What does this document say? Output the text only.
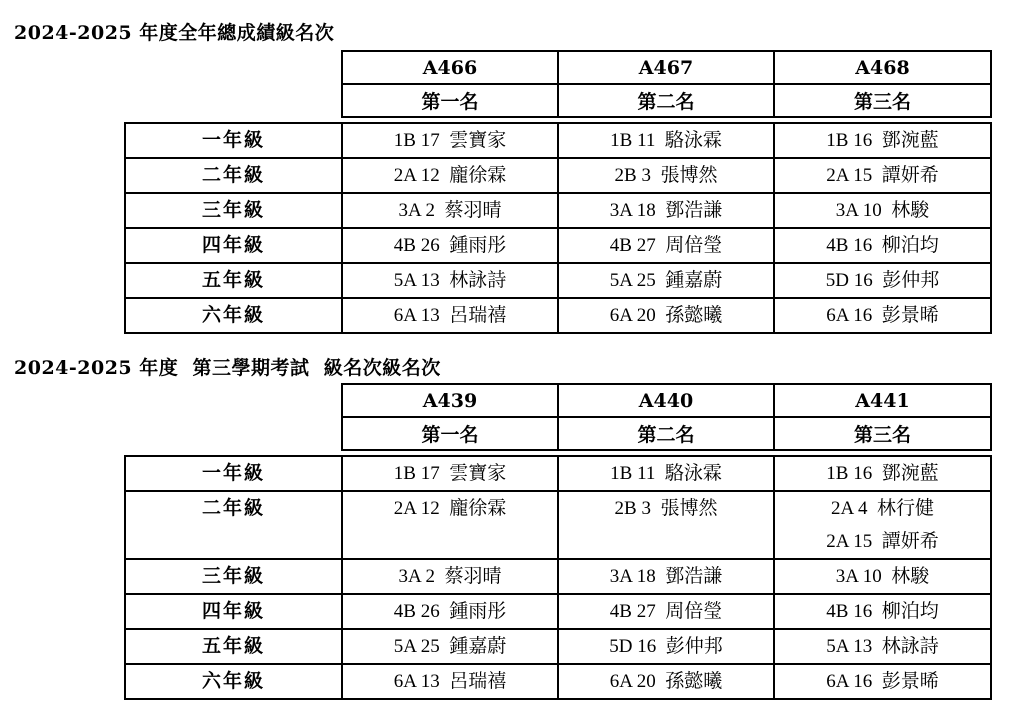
2024-2025 年度全年總成績級名次
	A466	A467	A468
	第一名	第二名	第三名

一年級	1B 17  雲寶家	1B 11  駱泳霖	1B 16  鄧涴藍

二年級	2A 12  龐徐霖	2B 3  張博然	2A 15  譚妍希

三年級	3A 2  蔡羽晴	3A 18  鄧浩謙	3A 10  林駿

四年級	4B 26  鍾雨彤	4B 27  周倍瑩	4B 16  柳泊均

五年級	5A 13  林詠詩	5A 25  鍾嘉蔚	5D 16  彭仲邦

六年級	6A 13  呂瑞禧	6A 20  孫懿曦	6A 16  彭景晞
2024-2025 年度  第三學期考試  級名次級名次
	A439	A440	A441
	第一名	第二名	第三名

一年級	1B 17  雲寶家	1B 11  駱泳霖	1B 16  鄧涴藍

二年級	2A 12  龐徐霖	2B 3  張博然	2A 4  林行健
2A 15  譚妍希

三年級	3A 2  蔡羽晴	3A 18  鄧浩謙	3A 10  林駿

四年級	4B 26  鍾雨彤	4B 27  周倍瑩	4B 16  柳泊均

五年級	5A 25  鍾嘉蔚	5D 16  彭仲邦	5A 13  林詠詩

六年級	6A 13  呂瑞禧	6A 20  孫懿曦	6A 16  彭景晞
